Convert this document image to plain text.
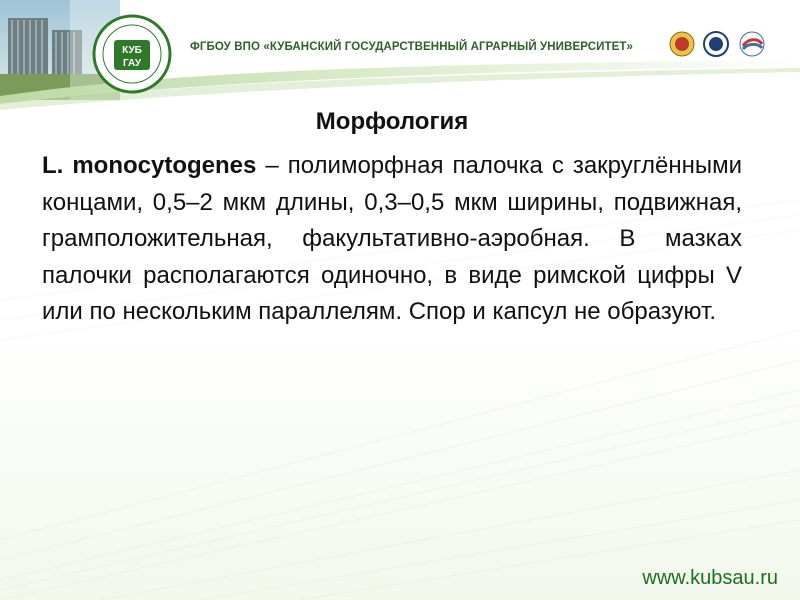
КУБ
ГАУ
ФГБОУ ВПО «КУБАНСКИЙ ГОСУДАРСТВЕННЫЙ АГРАРНЫЙ УНИВЕРСИТЕТ»
Морфология
L. monocytogenes – полиморфная палочка с закруглёнными концами, 0,5–2 мкм длины, 0,3–0,5 мкм ширины, подвижная, грамположительная, факультативно-аэробная. В мазках палочки располагаются одиночно, в виде римской цифры V или по нескольким параллелям. Спор и капсул не образуют.
www.kubsau.ru
